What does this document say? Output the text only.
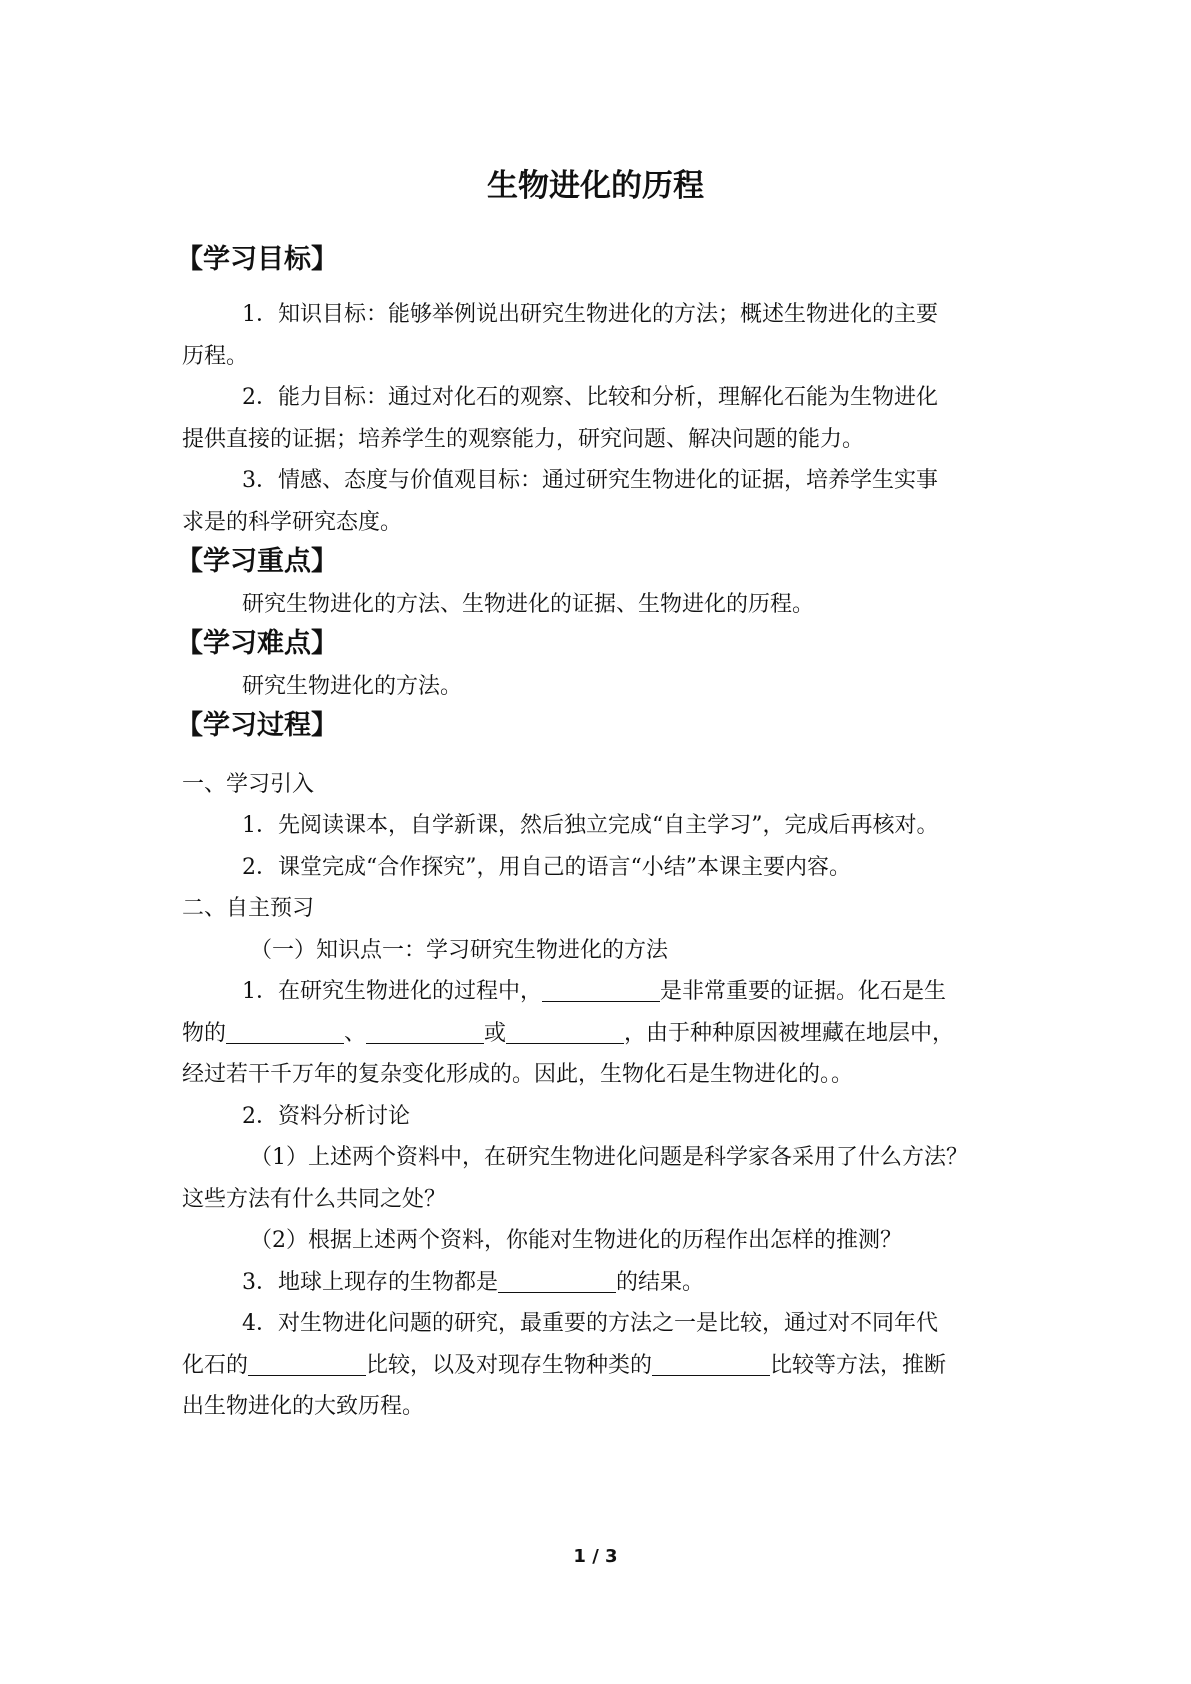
生物进化的历程
【学习目标】
1．知识目标：能够举例说出研究生物进化的方法；概述生物进化的主要
历程。
2．能力目标：通过对化石的观察、比较和分析，理解化石能为生物进化
提供直接的证据；培养学生的观察能力，研究问题、解决问题的能力。
3．情感、态度与价值观目标：通过研究生物进化的证据，培养学生实事
求是的科学研究态度。
【学习重点】
研究生物进化的方法、生物进化的证据、生物进化的历程。
【学习难点】
研究生物进化的方法。
【学习过程】
一、学习引入
1．先阅读课本，自学新课，然后独立完成“自主学习”，完成后再核对。
2．课堂完成“合作探究”，用自己的语言“小结”本课主要内容。
二、自主预习
（一）知识点一：学习研究生物进化的方法
1．在研究生物进化的过程中，	是非常重要的证据。化石是生
物的	、	或	，由于种种原因被埋藏在地层中，
经过若干千万年的复杂变化形成的。因此，生物化石是生物进化的。。
2．资料分析讨论
（1）上述两个资料中，在研究生物进化问题是科学家各采用了什么方法？
这些方法有什么共同之处？
（2）根据上述两个资料，你能对生物进化的历程作出怎样的推测？
3．地球上现存的生物都是	的结果。
4．对生物进化问题的研究，最重要的方法之一是比较，通过对不同年代
化石的	比较，以及对现存生物种类的	比较等方法，推断
出生物进化的大致历程。
1 / 3
